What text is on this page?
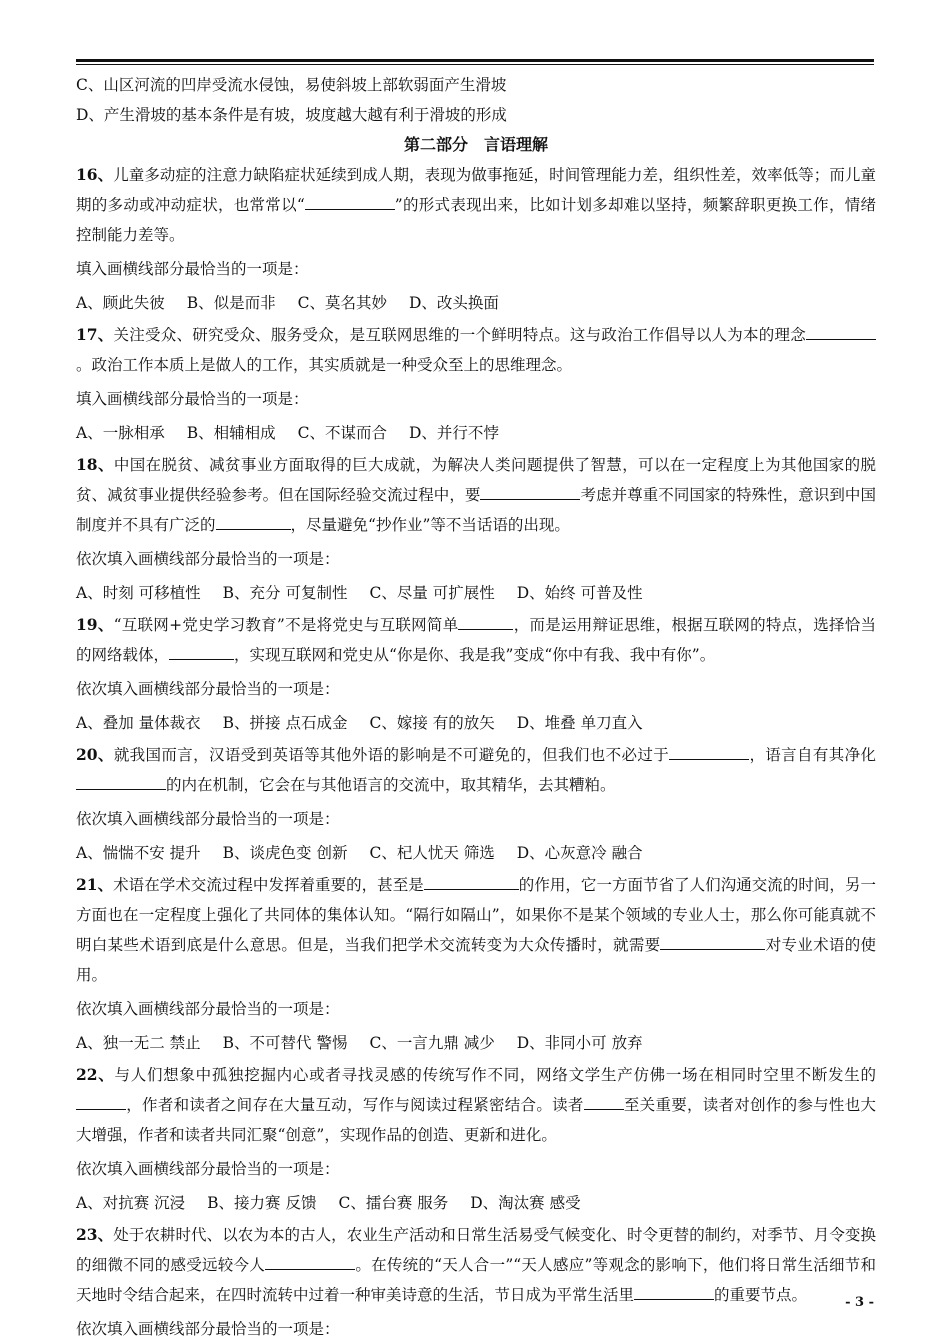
C、山区河流的凹岸受流水侵蚀，易使斜坡上部软弱面产生滑坡
D、产生滑坡的基本条件是有坡，坡度越大越有利于滑坡的形成
第二部分　言语理解
16、儿童多动症的注意力缺陷症状延续到成人期，表现为做事拖延，时间管理能力差，组织性差，效率低等；而儿童期的多动或冲动症状，也常常以“	”的形式表现出来，比如计划多却难以坚持，频繁辞职更换工作，情绪控制能力差等。
填入画横线部分最恰当的一项是：
A、顾此失彼 B、似是而非 C、莫名其妙 D、改头换面
17、关注受众、研究受众、服务受众，是互联网思维的一个鲜明特点。这与政治工作倡导以人为本的理念。政治工作本质上是做人的工作，其实质就是一种受众至上的思维理念。
填入画横线部分最恰当的一项是：
A、一脉相承 B、相辅相成 C、不谋而合 D、并行不悖
18、中国在脱贫、减贫事业方面取得的巨大成就，为解决人类问题提供了智慧，可以在一定程度上为其他国家的脱贫、减贫事业提供经验参考。但在国际经验交流过程中，要	考虑并尊重不同国家的特殊性，意识到中国制度并不具有广泛的	，尽量避免“抄作业”等不当话语的出现。
依次填入画横线部分最恰当的一项是：
A、时刻 可移植性 B、充分 可复制性 C、尽量 可扩展性 D、始终 可普及性
19、“互联网+党史学习教育”不是将党史与互联网简单	，而是运用辩证思维，根据互联网的特点，选择恰当的网络载体，	，实现互联网和党史从“你是你、我是我”变成“你中有我、我中有你”。
依次填入画横线部分最恰当的一项是：
A、叠加 量体裁衣 B、拼接 点石成金 C、嫁接 有的放矢 D、堆叠 单刀直入
20、就我国而言，汉语受到英语等其他外语的影响是不可避免的，但我们也不必过于	，语言自有其净化的内在机制，它会在与其他语言的交流中，取其精华，去其糟粕。
依次填入画横线部分最恰当的一项是：
A、惴惴不安 提升 B、谈虎色变 创新 C、杞人忧天 筛选 D、心灰意冷 融合
21、术语在学术交流过程中发挥着重要的，甚至是	的作用，它一方面节省了人们沟通交流的时间，另一方面也在一定程度上强化了共同体的集体认知。“隔行如隔山”，如果你不是某个领域的专业人士，那么你可能真就不明白某些术语到底是什么意思。但是，当我们把学术交流转变为大众传播时，就需要	对专业术语的使用。
依次填入画横线部分最恰当的一项是：
A、独一无二 禁止 B、不可替代 警惕 C、一言九鼎 减少 D、非同小可 放弃
22、与人们想象中孤独挖掘内心或者寻找灵感的传统写作不同，网络文学生产仿佛一场在相同时空里不断发生的，作者和读者之间存在大量互动，写作与阅读过程紧密结合。读者	至关重要，读者对创作的参与性也大大增强，作者和读者共同汇聚“创意”，实现作品的创造、更新和进化。
依次填入画横线部分最恰当的一项是：
A、对抗赛 沉浸 B、接力赛 反馈 C、擂台赛 服务 D、淘汰赛 感受
23、处于农耕时代、以农为本的古人，农业生产活动和日常生活易受气候变化、时令更替的制约，对季节、月令变换的细微不同的感受远较今人	。在传统的“天人合一”“天人感应”等观念的影响下，他们将日常生活细节和天地时令结合起来，在四时流转中过着一种审美诗意的生活，节日成为平常生活里	的重要节点。
依次填入画横线部分最恰当的一项是：
- 3 -
